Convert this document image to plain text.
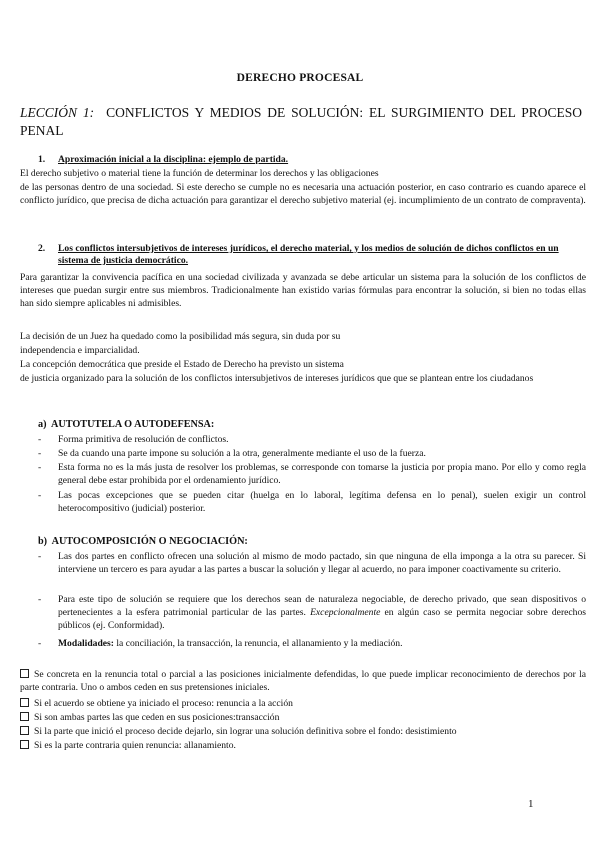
DERECHO PROCESAL
LECCIÓN 1: CONFLICTOS Y MEDIOS DE SOLUCIÓN: EL SURGIMIENTO DEL PROCESO PENAL
1. Aproximación inicial a la disciplina: ejemplo de partida.
El derecho subjetivo o material tiene la función de determinar los derechos y las obligaciones
de las personas dentro de una sociedad. Si este derecho se cumple no es necesaria una actuación posterior, en caso contrario es cuando aparece el conflicto jurídico, que precisa de dicha actuación para garantizar el derecho subjetivo material (ej. incumplimiento de un contrato de compraventa).
2. Los conflictos intersubjetivos de intereses jurídicos, el derecho material, y los medios de solución de dichos conflictos en un sistema de justicia democrático.
Para garantizar la convivencia pacífica en una sociedad civilizada y avanzada se debe articular un sistema para la solución de los conflictos de intereses que puedan surgir entre sus miembros. Tradicionalmente han existido varias fórmulas para encontrar la solución, si bien no todas ellas han sido siempre aplicables ni admisibles.
La decisión de un Juez ha quedado como la posibilidad más segura, sin duda por su
independencia e imparcialidad.
La concepción democrática que preside el Estado de Derecho ha previsto un sistema
de justicia organizado para la solución de los conflictos intersubjetivos de intereses jurídicos que que se plantean entre los ciudadanos
a) AUTOTUTELA O AUTODEFENSA:
- Forma primitiva de resolución de conflictos.
- Se da cuando una parte impone su solución a la otra, generalmente mediante el uso de la fuerza.
- Esta forma no es la más justa de resolver los problemas, se corresponde con tomarse la justicia por propia mano. Por ello y como regla general debe estar prohibida por el ordenamiento jurídico.
- Las pocas excepciones que se pueden citar (huelga en lo laboral, legítima defensa en lo penal), suelen exigir un control heterocompositivo (judicial) posterior.
b) AUTOCOMPOSICIÓN O NEGOCIACIÓN:
- Las dos partes en conflicto ofrecen una solución al mismo de modo pactado, sin que ninguna de ella imponga a la otra su parecer. Si interviene un tercero es para ayudar a las partes a buscar la solución y llegar al acuerdo, no para imponer coactivamente su criterio.
- Para este tipo de solución se requiere que los derechos sean de naturaleza negociable, de derecho privado, que sean dispositivos o pertenecientes a la esfera patrimonial particular de las partes. Excepcionalmente en algún caso se permita negociar sobre derechos públicos (ej. Conformidad).
- Modalidades: la conciliación, la transacción, la renuncia, el allanamiento y la mediación.
Se concreta en la renuncia total o parcial a las posiciones inicialmente defendidas, lo que puede implicar reconocimiento de derechos por la parte contraria. Uno o ambos ceden en sus pretensiones iniciales.
Si el acuerdo se obtiene ya iniciado el proceso: renuncia a la acción
Si son ambas partes las que ceden en sus posiciones:transacción
Si la parte que inició el proceso decide dejarlo, sin lograr una solución definitiva sobre el fondo: desistimiento
Si es la parte contraria quien renuncia: allanamiento.
1
